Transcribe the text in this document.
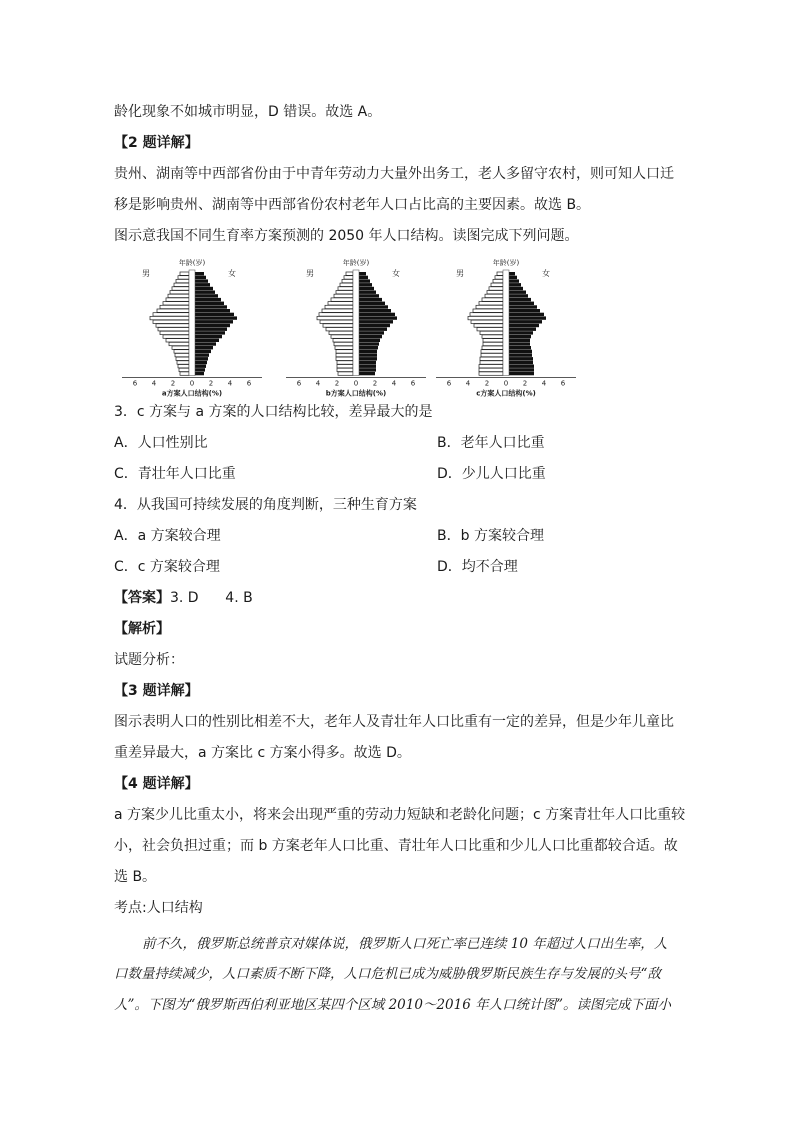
龄化现象不如城市明显，D 错误。故选 A。
【2 题详解】
贵州、湖南等中西部省份由于中青年劳动力大量外出务工，老人多留守农村，则可知人口迁
移是影响贵州、湖南等中西部省份农村老年人口占比高的主要因素。故选 B。
图示意我国不同生育率方案预测的 2050 年人口结构。读图完成下列问题。
年龄(岁)
男	女
6 4 2 0 2 4 6
a方案人口结构(%)
年龄(岁)
男	女
6 4 2 0 2 4 6
b方案人口结构(%)
年龄(岁)
男	女
6 4 2 0 2 4 6
c方案人口结构(%)
3．c 方案与 a 方案的人口结构比较，差异最大的是
A．人口性别比	B．老年人口比重
C．青壮年人口比重	D．少儿人口比重
4．从我国可持续发展的角度判断，三种生育方案
A．a 方案较合理	B．b 方案较合理
C．c 方案较合理	D．均不合理
【答案】3. D      4. B
【解析】
试题分析：
【3 题详解】
图示表明人口的性别比相差不大，老年人及青壮年人口比重有一定的差异，但是少年儿童比
重差异最大，a 方案比 c 方案小得多。故选 D。
【4 题详解】
a 方案少儿比重太小，将来会出现严重的劳动力短缺和老龄化问题；c 方案青壮年人口比重较
小，社会负担过重；而 b 方案老年人口比重、青壮年人口比重和少儿人口比重都较合适。故
选 B。
考点:人口结构
前不久，俄罗斯总统普京对媒体说，俄罗斯人口死亡率已连续 10 年超过人口出生率，人
口数量持续减少，人口素质不断下降，人口危机已成为威胁俄罗斯民族生存与发展的头号“敌
人”。下图为“俄罗斯西伯利亚地区某四个区域 2010～2016 年人口统计图”。读图完成下面小
